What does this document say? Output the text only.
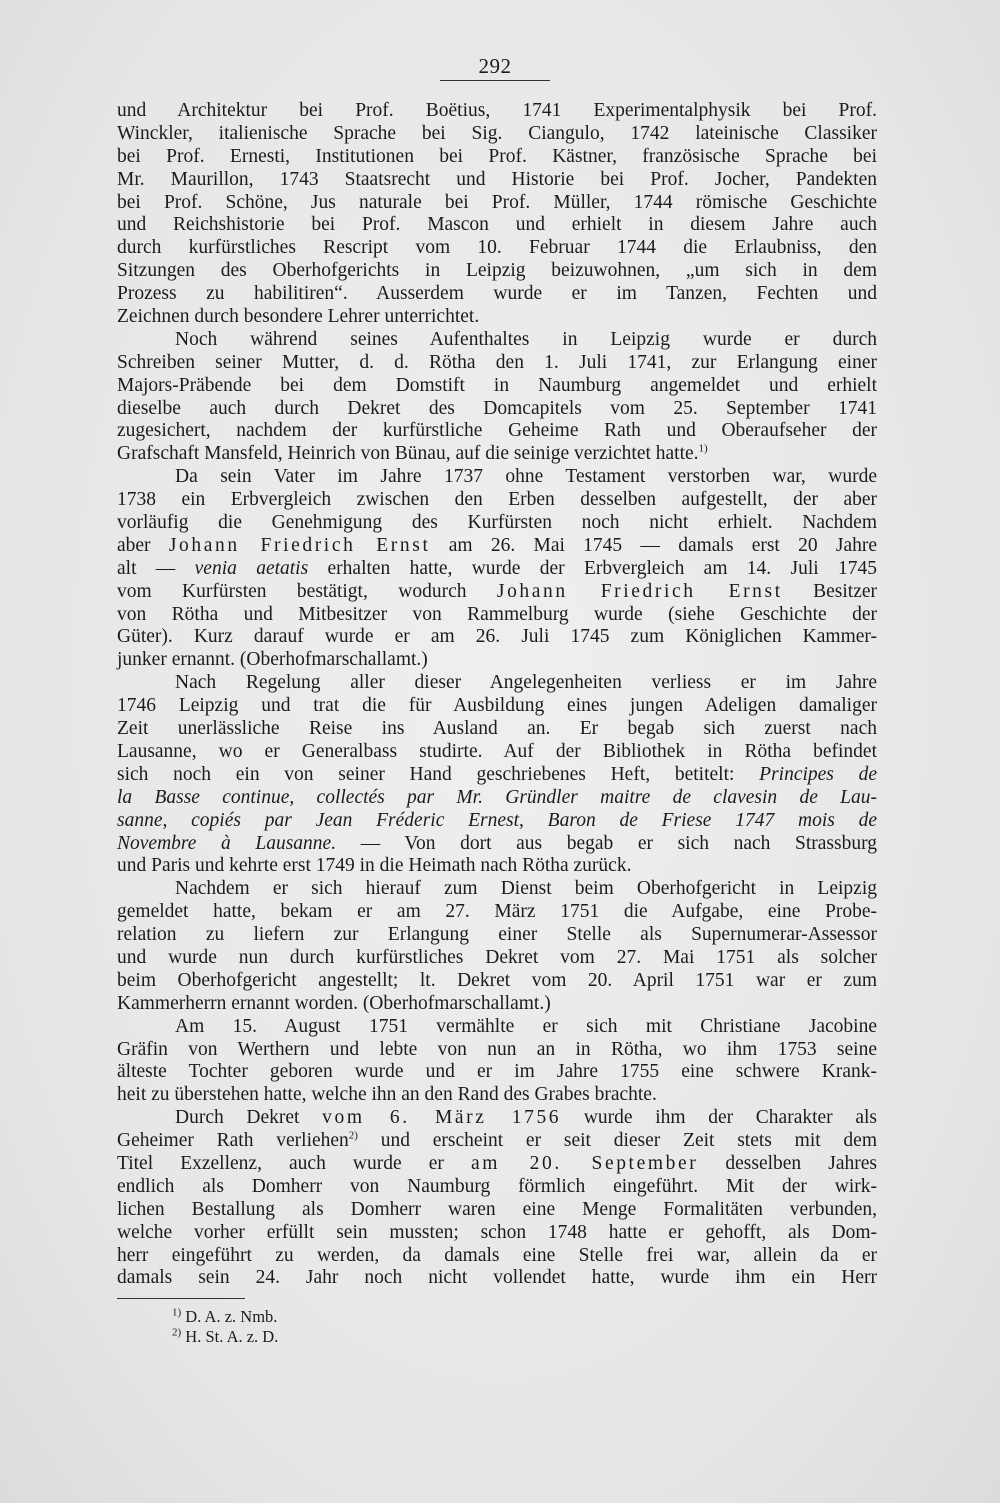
292
und Architektur bei Prof. Boëtius, 1741 Experimentalphysik bei Prof.
Winckler, italienische Sprache bei Sig. Ciangulo, 1742 lateinische Classiker
bei Prof. Ernesti, Institutionen bei Prof. Kästner, französische Sprache bei
Mr. Maurillon, 1743 Staatsrecht und Historie bei Prof. Jocher, Pandekten
bei Prof. Schöne, Jus naturale bei Prof. Müller, 1744 römische Geschichte
und Reichshistorie bei Prof. Mascon und erhielt in diesem Jahre auch
durch kurfürstliches Rescript vom 10. Februar 1744 die Erlaubniss, den
Sitzungen des Oberhofgerichts in Leipzig beizuwohnen, „um sich in dem
Prozess zu habilitiren“. Ausserdem wurde er im Tanzen, Fechten und
Zeichnen durch besondere Lehrer unterrichtet.
Noch während seines Aufenthaltes in Leipzig wurde er durch
Schreiben seiner Mutter, d. d. Rötha den 1. Juli 1741, zur Erlangung einer
Majors-Präbende bei dem Domstift in Naumburg angemeldet und erhielt
dieselbe auch durch Dekret des Domcapitels vom 25. September 1741
zugesichert, nachdem der kurfürstliche Geheime Rath und Oberaufseher der
Grafschaft Mansfeld, Heinrich von Bünau, auf die seinige verzichtet hatte.$^{1)}$
Da sein Vater im Jahre 1737 ohne Testament verstorben war, wurde
1738 ein Erbvergleich zwischen den Erben desselben aufgestellt, der aber
vorläufig die Genehmigung des Kurfürsten noch nicht erhielt. Nachdem
aber Johann Friedrich Ernst am 26. Mai 1745 — damals erst 20 Jahre
alt — venia aetatis erhalten hatte, wurde der Erbvergleich am 14. Juli 1745
vom Kurfürsten bestätigt, wodurch Johann Friedrich Ernst Besitzer
von Rötha und Mitbesitzer von Rammelburg wurde (siehe Geschichte der
Güter). Kurz darauf wurde er am 26. Juli 1745 zum Königlichen Kammer-
junker ernannt. (Oberhofmarschallamt.)
Nach Regelung aller dieser Angelegenheiten verliess er im Jahre
1746 Leipzig und trat die für Ausbildung eines jungen Adeligen damaliger
Zeit unerlässliche Reise ins Ausland an. Er begab sich zuerst nach
Lausanne, wo er Generalbass studirte. Auf der Bibliothek in Rötha befindet
sich noch ein von seiner Hand geschriebenes Heft, betitelt: Principes de
la Basse continue, collectés par Mr. Gründler maitre de clavesin de Lau-
sanne, copiés par Jean Fréderic Ernest, Baron de Friese 1747 mois de
Novembre à Lausanne. — Von dort aus begab er sich nach Strassburg
und Paris und kehrte erst 1749 in die Heimath nach Rötha zurück.
Nachdem er sich hierauf zum Dienst beim Oberhofgericht in Leipzig
gemeldet hatte, bekam er am 27. März 1751 die Aufgabe, eine Probe-
relation zu liefern zur Erlangung einer Stelle als Supernumerar-Assessor
und wurde nun durch kurfürstliches Dekret vom 27. Mai 1751 als solcher
beim Oberhofgericht angestellt; lt. Dekret vom 20. April 1751 war er zum
Kammerherrn ernannt worden. (Oberhofmarschallamt.)
Am 15. August 1751 vermählte er sich mit Christiane Jacobine
Gräfin von Werthern und lebte von nun an in Rötha, wo ihm 1753 seine
älteste Tochter geboren wurde und er im Jahre 1755 eine schwere Krank-
heit zu überstehen hatte, welche ihn an den Rand des Grabes brachte.
Durch Dekret vom 6. März 1756 wurde ihm der Charakter als
Geheimer Rath verliehen$^{2)}$ und erscheint er seit dieser Zeit stets mit dem
Titel Exzellenz, auch wurde er am 20. September desselben Jahres
endlich als Domherr von Naumburg förmlich eingeführt. Mit der wirk-
lichen Bestallung als Domherr waren eine Menge Formalitäten verbunden,
welche vorher erfüllt sein mussten; schon 1748 hatte er gehofft, als Dom-
herr eingeführt zu werden, da damals eine Stelle frei war, allein da er
damals sein 24. Jahr noch nicht vollendet hatte, wurde ihm ein Herr
$^{1)}$ D. A. z. Nmb.
$^{2)}$ H. St. A. z. D.
